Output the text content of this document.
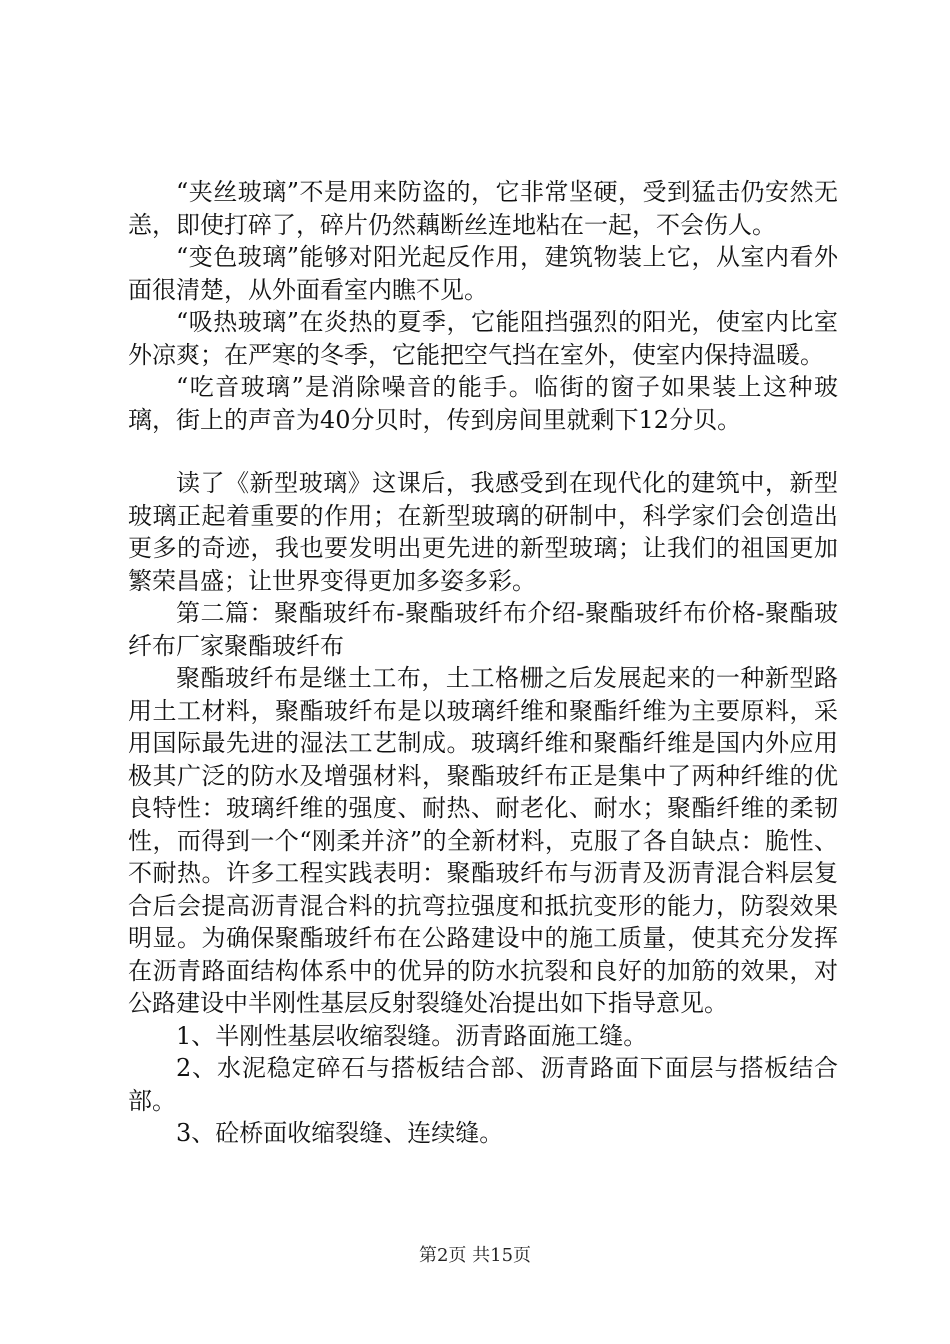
“夹丝玻璃”不是用来防盗的，它非常坚硬，受到猛击仍安然无恙，即使打碎了，碎片仍然藕断丝连地粘在一起，不会伤人。

“变色玻璃”能够对阳光起反作用，建筑物装上它，从室内看外面很清楚，从外面看室内瞧不见。

“吸热玻璃”在炎热的夏季，它能阻挡强烈的阳光，使室内比室外凉爽；在严寒的冬季，它能把空气挡在室外，使室内保持温暖。

“吃音玻璃”是消除噪音的能手。临街的窗子如果装上这种玻璃，街上的声音为40分贝时，传到房间里就剩下12分贝。

读了《新型玻璃》这课后，我感受到在现代化的建筑中，新型玻璃正起着重要的作用；在新型玻璃的研制中，科学家们会创造出更多的奇迹，我也要发明出更先进的新型玻璃；让我们的祖国更加繁荣昌盛；让世界变得更加多姿多彩。

第二篇：聚酯玻纤布-聚酯玻纤布介绍-聚酯玻纤布价格-聚酯玻纤布厂家聚酯玻纤布

聚酯玻纤布是继土工布，土工格栅之后发展起来的一种新型路用土工材料，聚酯玻纤布是以玻璃纤维和聚酯纤维为主要原料，采用国际最先进的湿法工艺制成。玻璃纤维和聚酯纤维是国内外应用极其广泛的防水及增强材料，聚酯玻纤布正是集中了两种纤维的优良特性：玻璃纤维的强度、耐热、耐老化、耐水；聚酯纤维的柔韧性，而得到一个“刚柔并济”的全新材料，克服了各自缺点：脆性、不耐热。许多工程实践表明：聚酯玻纤布与沥青及沥青混合料层复合后会提高沥青混合料的抗弯拉强度和抵抗变形的能力，防裂效果明显。为确保聚酯玻纤布在公路建设中的施工质量，使其充分发挥在沥青路面结构体系中的优异的防水抗裂和良好的加筋的效果，对公路建设中半刚性基层反射裂缝处冶提出如下指导意见。

1、半刚性基层收缩裂缝。沥青路面施工缝。

2、水泥稳定碎石与搭板结合部、沥青路面下面层与搭板结合部。

3、砼桥面收缩裂缝、连续缝。

第2页 共15页
